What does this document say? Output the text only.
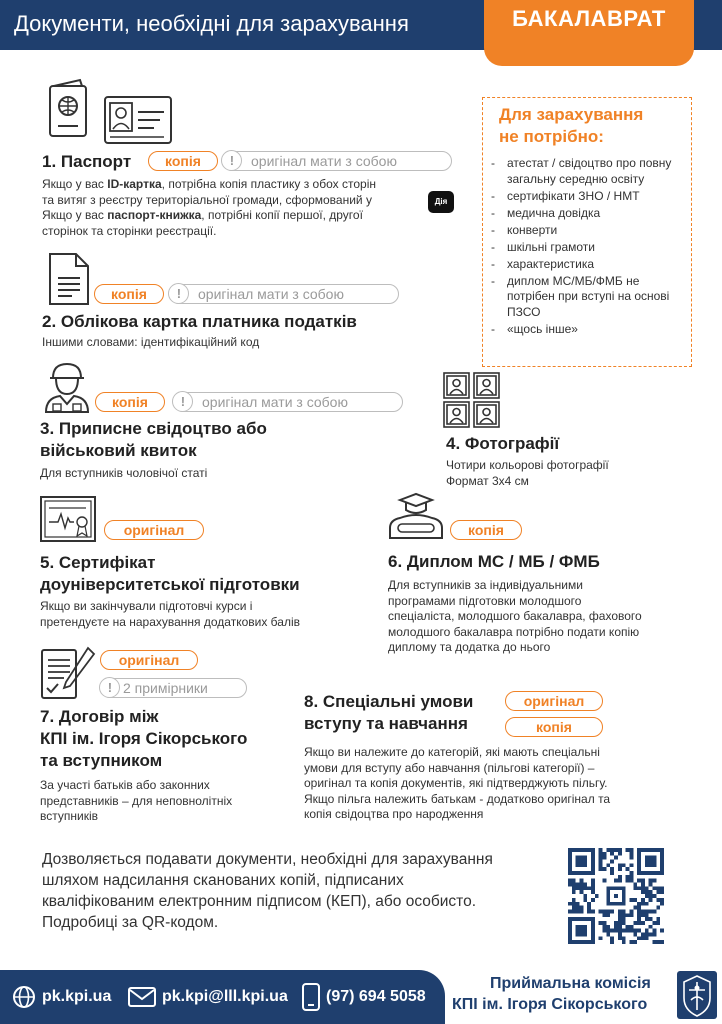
Документи, необхідні для зарахування	БАКАЛАВРАТ
1. Паспорт	копія	!	оригінал мати з собою
Якщо у вас ID-картка, потрібна копія пластику з обох сторін
та витяг з реєстру територіальної громади, сформований у
Якщо у вас паспорт-книжка, потрібні копії першої, другої
сторінок та сторінки реєстрації.
Дія
копія	!	оригінал мати з собою
2. Облікова картка платника податків
Іншими словами: ідентифікаційний код
копія	!	оригінал мати з собою
3. Приписне свідоцтво або
військовий квиток
Для вступників чоловічої статі
4. Фотографії
Чотири кольорові фотографії
Формат 3х4 см
оригінал
5. Сертифікат
доуніверситетської підготовки
Якщо ви закінчували підготовчі курси і
претендуєте на нарахування додаткових балів
копія
6. Диплом МС / МБ / ФМБ
Для вступників за індивідуальними
програмами підготовки молодшого
спеціаліста, молодшого бакалавра, фахового
молодшого бакалавра потрібно подати копію
диплому та додатка до нього
оригінал
! 2 примірники
7. Договір між
КПІ ім. Ігоря Сікорського
та вступником
За участі батьків або законних
представників – для неповнолітніх
вступників
8. Спеціальні умови
вступу та навчання
оригінал
копія
Якщо ви належите до категорій, які мають спеціальні
умови для вступу або навчання (пільгові категорії) –
оригінал та копія документів, які підтверджують пільгу.
Якщо пільга належить батькам - додатково оригінал та
копія свідоцтва про народження
Для зарахування
не потрібно:
- атестат / свідоцтво про повну загальну середню освіту
- сертифікати ЗНО / НМТ
- медична довідка
- конверти
- шкільні грамоти
- характеристика
- диплом МС/МБ/ФМБ не потрібен при вступі на основі ПЗСО
- «щось інше»
Дозволяється подавати документи, необхідні для зарахування
шляхом надсилання сканованих копій, підписаних
кваліфікованим електронним підписом (КЕП), або особисто.
Подробиці за QR-кодом.
pk.kpi.ua	pk.kpi@lll.kpi.ua (97) 694 5058
Приймальна комісія
КПІ ім. Ігоря Сікорського
